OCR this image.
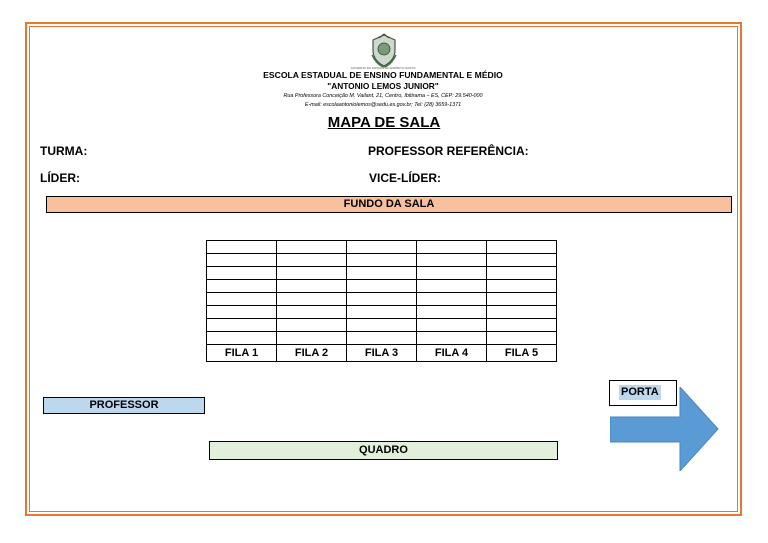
GOVERNO DO ESTADO DO ESPÍRITO SANTO
ESCOLA ESTADUAL DE ENSINO FUNDAMENTAL E MÉDIO
"ANTONIO LEMOS JUNIOR"
Rua Professora Conceição M. Vailant, 21, Centro, Ibitirama – ES, CEP: 29.540-000
E-mail: escolaantoniolemos@sedu.es.gov.br; Tel: (28) 3659-1371
MAPA DE SALA
TURMA:	PROFESSOR REFERÊNCIA:
LÍDER:	VICE-LÍDER:
FUNDO DA SALA

FILA 1	FILA 2	FILA 3	FILA 4	FILA 5
PROFESSOR
QUADRO
PORTA
